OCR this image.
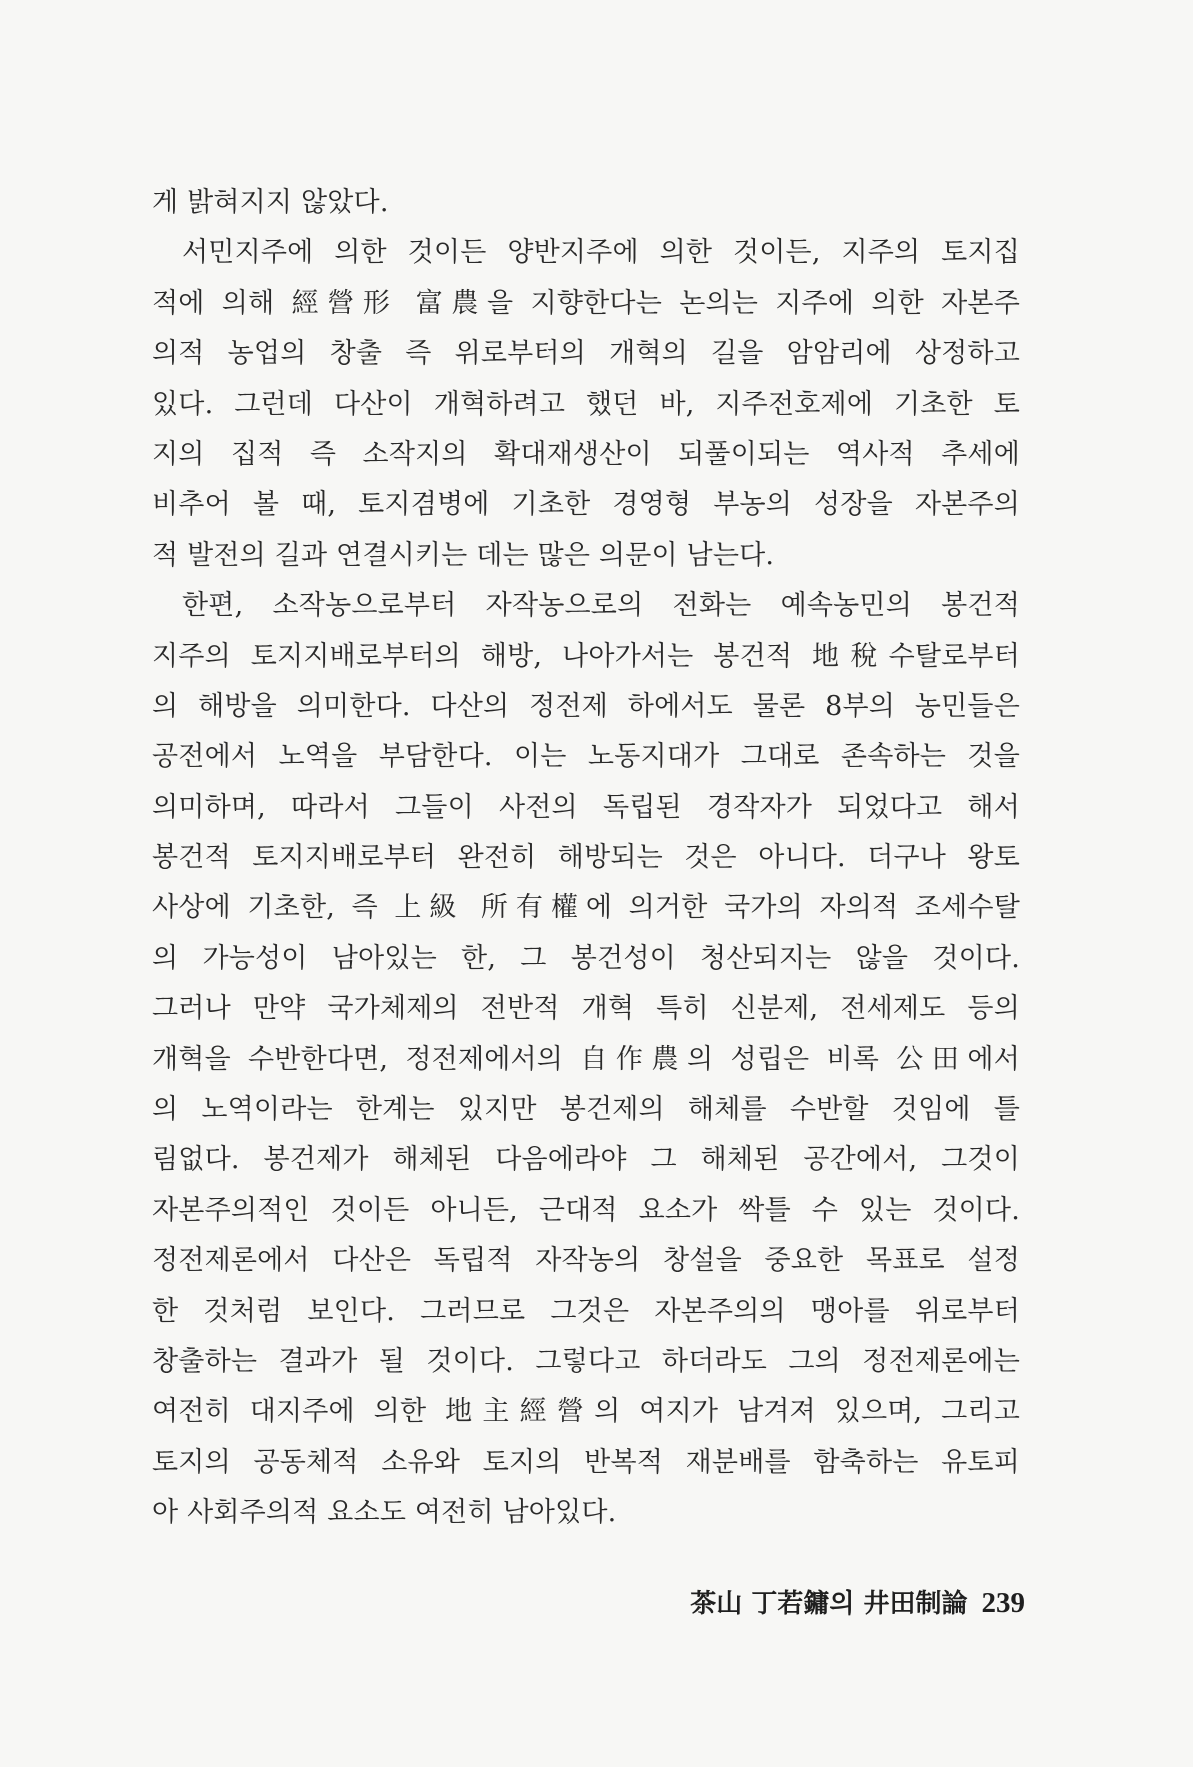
게 밝혀지지 않았다.
서민지주에 의한 것이든 양반지주에 의한 것이든, 지주의 토지집
적에 의해 經營形 富農을 지향한다는 논의는 지주에 의한 자본주
의적 농업의 창출 즉 위로부터의 개혁의 길을 암암리에 상정하고
있다. 그런데 다산이 개혁하려고 했던 바, 지주전호제에 기초한 토
지의 집적 즉 소작지의 확대재생산이 되풀이되는 역사적 추세에
비추어 볼 때, 토지겸병에 기초한 경영형 부농의 성장을 자본주의
적 발전의 길과 연결시키는 데는 많은 의문이 남는다.
한편, 소작농으로부터 자작농으로의 전화는 예속농민의 봉건적
지주의 토지지배로부터의 해방, 나아가서는 봉건적 地稅수탈로부터
의 해방을 의미한다. 다산의 정전제 하에서도 물론 8부의 농민들은
공전에서 노역을 부담한다. 이는 노동지대가 그대로 존속하는 것을
의미하며, 따라서 그들이 사전의 독립된 경작자가 되었다고 해서
봉건적 토지지배로부터 완전히 해방되는 것은 아니다. 더구나 왕토
사상에 기초한, 즉 上級 所有權에 의거한 국가의 자의적 조세수탈
의 가능성이 남아있는 한, 그 봉건성이 청산되지는 않을 것이다.
그러나 만약 국가체제의 전반적 개혁 특히 신분제, 전세제도 등의
개혁을 수반한다면, 정전제에서의 自作農의 성립은 비록 公田에서
의 노역이라는 한계는 있지만 봉건제의 해체를 수반할 것임에 틀
림없다. 봉건제가 해체된 다음에라야 그 해체된 공간에서, 그것이
자본주의적인 것이든 아니든, 근대적 요소가 싹틀 수 있는 것이다.
정전제론에서 다산은 독립적 자작농의 창설을 중요한 목표로 설정
한 것처럼 보인다. 그러므로 그것은 자본주의의 맹아를 위로부터
창출하는 결과가 될 것이다. 그렇다고 하더라도 그의 정전제론에는
여전히 대지주에 의한 地主經營의 여지가 남겨져 있으며, 그리고
토지의 공동체적 소유와 토지의 반복적 재분배를 함축하는 유토피
아 사회주의적 요소도 여전히 남아있다.
茶山 丁若鏞의 井田制論 239
